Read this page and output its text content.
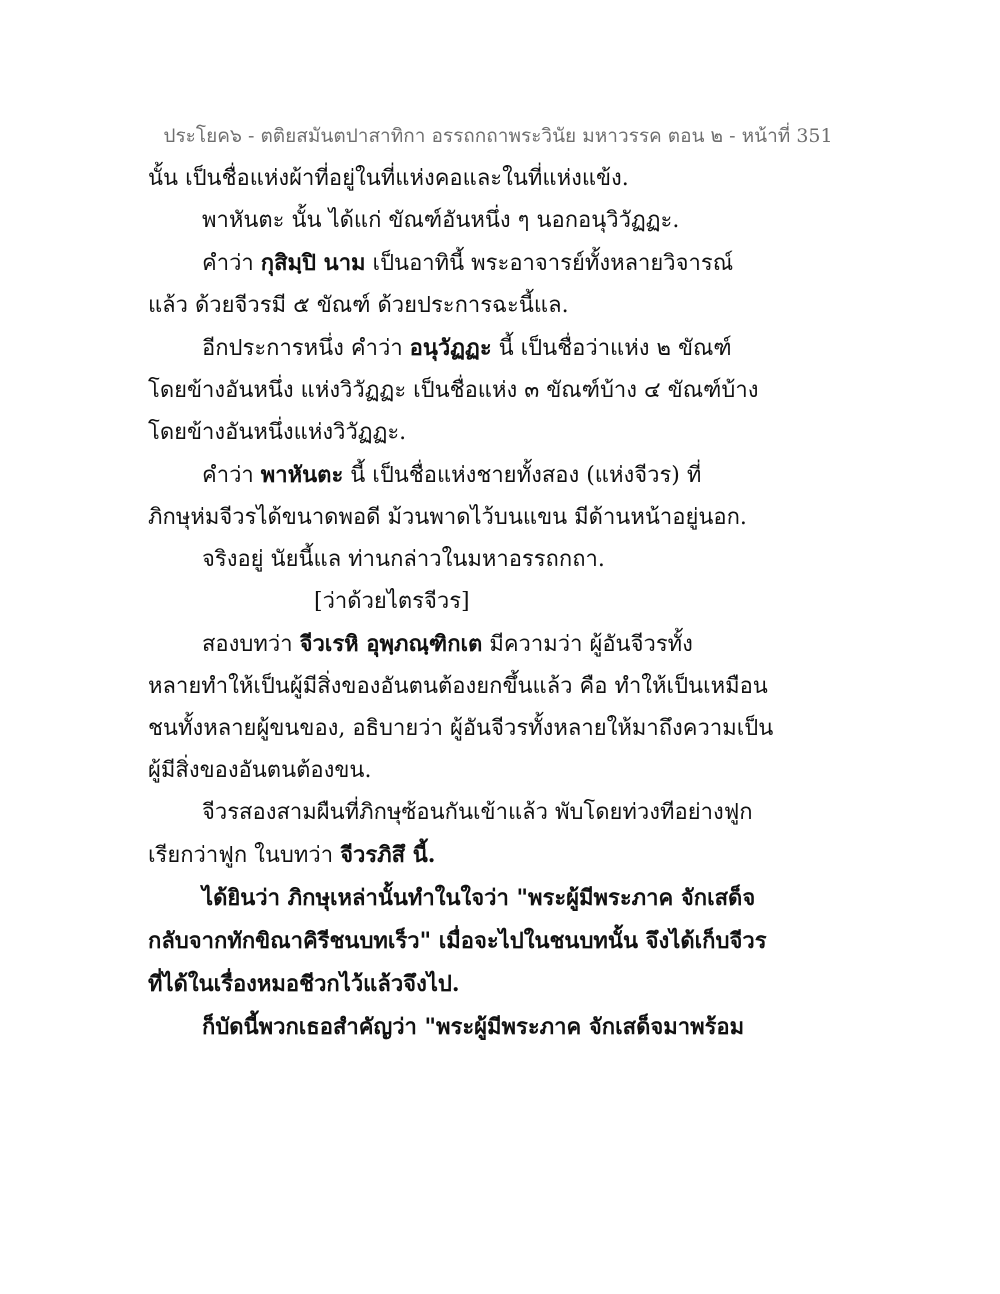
ประโยค๖ - ตติยสมันตปาสาทิกา อรรถกถาพระวินัย มหาวรรค ตอน ๒ - หน้าที่ 351

นั้น เป็นชื่อแห่งผ้าที่อยู่ในที่แห่งคอและในที่แห่งแข้ง.

พาหันตะ นั้น ได้แก่ ขัณฑ์อันหนึ่ง ๆ นอกอนุวิวัฏฏะ.

คำว่า กุสิมฺปิ นาม เป็นอาทินี้ พระอาจารย์ทั้งหลายวิจารณ์

แล้ว ด้วยจีวรมี ๕ ขัณฑ์ ด้วยประการฉะนี้แล.

อีกประการหนึ่ง คำว่า อนุวัฏฏะ นี้ เป็นชื่อว่าแห่ง ๒ ขัณฑ์

โดยข้างอันหนึ่ง แห่งวิวัฏฏะ เป็นชื่อแห่ง ๓ ขัณฑ์บ้าง ๔ ขัณฑ์บ้าง

โดยข้างอันหนึ่งแห่งวิวัฏฏะ.

คำว่า พาหันตะ นี้ เป็นชื่อแห่งชายทั้งสอง (แห่งจีวร) ที่

ภิกษุห่มจีวรได้ขนาดพอดี ม้วนพาดไว้บนแขน มีด้านหน้าอยู่นอก.

จริงอยู่ นัยนี้แล ท่านกล่าวในมหาอรรถกถา.

[ว่าด้วยไตรจีวร]

สองบทว่า จีวเรหิ อุพฺภณฺฑิกเต มีความว่า ผู้อันจีวรทั้ง

หลายทำให้เป็นผู้มีสิ่งของอันตนต้องยกขึ้นแล้ว คือ ทำให้เป็นเหมือน

ชนทั้งหลายผู้ขนของ, อธิบายว่า ผู้อันจีวรทั้งหลายให้มาถึงความเป็น

ผู้มีสิ่งของอันตนต้องขน.

จีวรสองสามผืนที่ภิกษุซ้อนกันเข้าแล้ว พับโดยท่วงทีอย่างฟูก

เรียกว่าฟูก ในบทว่า จีวรภิสึ นี้.

ได้ยินว่า ภิกษุเหล่านั้นทำในใจว่า "พระผู้มีพระภาค จักเสด็จ

กลับจากทักขิณาคิรีชนบทเร็ว" เมื่อจะไปในชนบทนั้น จึงได้เก็บจีวร

ที่ได้ในเรื่องหมอชีวกไว้แล้วจึงไป.

ก็บัดนี้พวกเธอสำคัญว่า "พระผู้มีพระภาค จักเสด็จมาพร้อม
